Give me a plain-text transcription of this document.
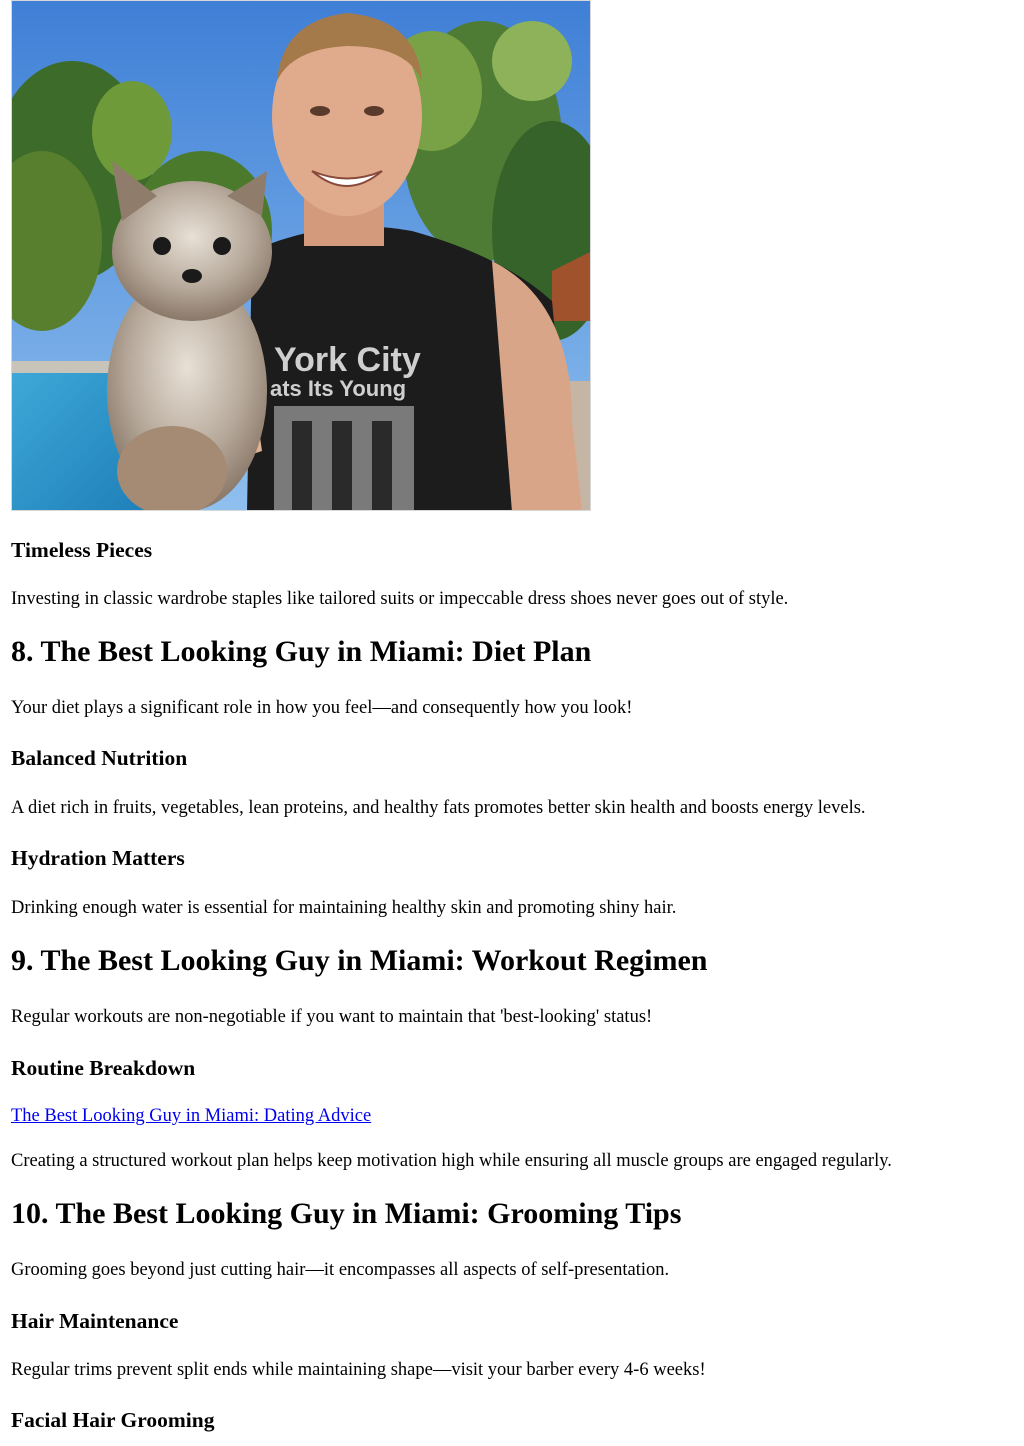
York City
ats Its Young
Timeless Pieces

Investing in classic wardrobe staples like tailored suits or impeccable dress shoes never goes out of style.

8. The Best Looking Guy in Miami: Diet Plan

Your diet plays a significant role in how you feel—and consequently how you look!

Balanced Nutrition

A diet rich in fruits, vegetables, lean proteins, and healthy fats promotes better skin health and boosts energy levels.

Hydration Matters

Drinking enough water is essential for maintaining healthy skin and promoting shiny hair.

9. The Best Looking Guy in Miami: Workout Regimen

Regular workouts are non-negotiable if you want to maintain that 'best-looking' status!

Routine Breakdown
The Best Looking Guy in Miami: Dating Advice

Creating a structured workout plan helps keep motivation high while ensuring all muscle groups are engaged regularly.

10. The Best Looking Guy in Miami: Grooming Tips

Grooming goes beyond just cutting hair—it encompasses all aspects of self-presentation.

Hair Maintenance

Regular trims prevent split ends while maintaining shape—visit your barber every 4-6 weeks!

Facial Hair Grooming
